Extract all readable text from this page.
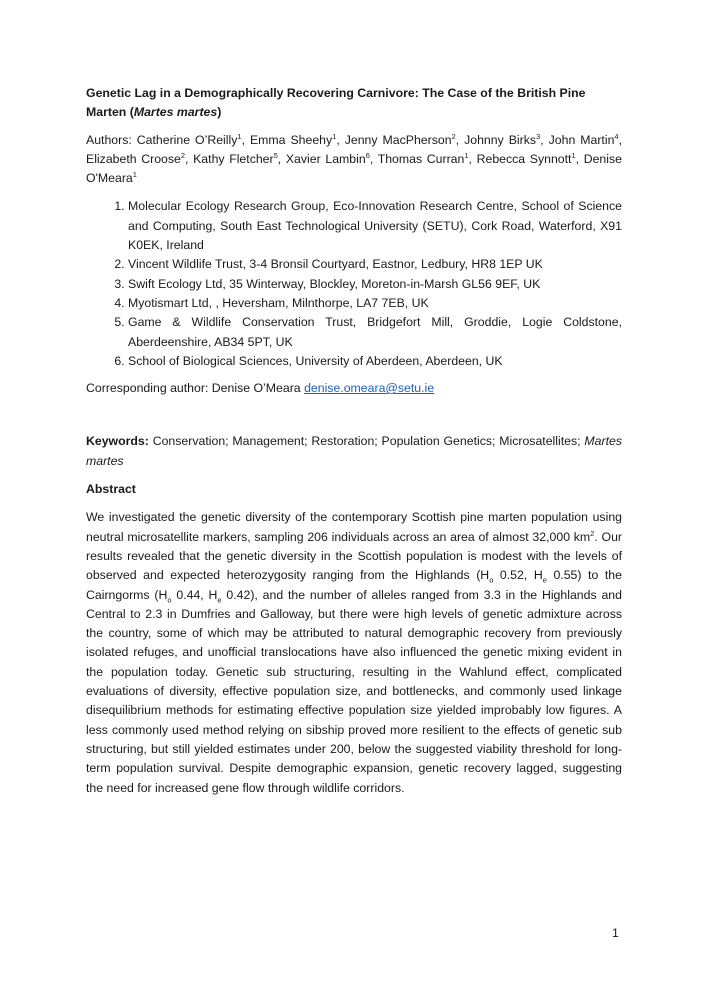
Genetic Lag in a Demographically Recovering Carnivore: The Case of the British Pine Marten (Martes martes)

Authors: Catherine O’Reilly$^1$, Emma Sheehy$^1$, Jenny MacPherson$^2$, Johnny Birks$^3$, John Martin$^4$, Elizabeth Croose$^2$, Kathy Fletcher$^5$, Xavier Lambin$^6$, Thomas Curran$^1$, Rebecca Synnott$^1$, Denise O'Meara$^1$

1. Molecular Ecology Research Group, Eco-Innovation Research Centre, School of Science and Computing, South East Technological University (SETU), Cork Road, Waterford, X91 K0EK, Ireland
2. Vincent Wildlife Trust, 3-4 Bronsil Courtyard, Eastnor, Ledbury, HR8 1EP UK
3. Swift Ecology Ltd, 35 Winterway, Blockley, Moreton-in-Marsh GL56 9EF, UK
4. Myotismart Ltd, , Heversham, Milnthorpe, LA7 7EB, UK
5. Game & Wildlife Conservation Trust, Bridgefort Mill, Groddie, Logie Coldstone, Aberdeenshire, AB34 5PT, UK
6. School of Biological Sciences, University of Aberdeen, Aberdeen, UK

Corresponding author: Denise O’Meara denise.omeara@setu.ie

Keywords: Conservation; Management; Restoration; Population Genetics; Microsatellites; Martes martes

Abstract

We investigated the genetic diversity of the contemporary Scottish pine marten population using neutral microsatellite markers, sampling 206 individuals across an area of almost 32,000 $km^2$. Our results revealed that the genetic diversity in the Scottish population is modest with the levels of observed and expected heterozygosity ranging from the Highlands ($H_o$ 0.52, $H_e$ 0.55) to the Cairngorms ($H_o$ 0.44, $H_e$ 0.42), and the number of alleles ranged from 3.3 in the Highlands and Central to 2.3 in Dumfries and Galloway, but there were high levels of genetic admixture across the country, some of which may be attributed to natural demographic recovery from previously isolated refuges, and unofficial translocations have also influenced the genetic mixing evident in the population today. Genetic sub structuring, resulting in the Wahlund effect, complicated evaluations of diversity, effective population size, and bottlenecks, and commonly used linkage disequilibrium methods for estimating effective population size yielded improbably low figures. A less commonly used method relying on sibship proved more resilient to the effects of genetic sub structuring, but still yielded estimates under 200, below the suggested viability threshold for long-term population survival. Despite demographic expansion, genetic recovery lagged, suggesting the need for increased gene flow through wildlife corridors.

1
